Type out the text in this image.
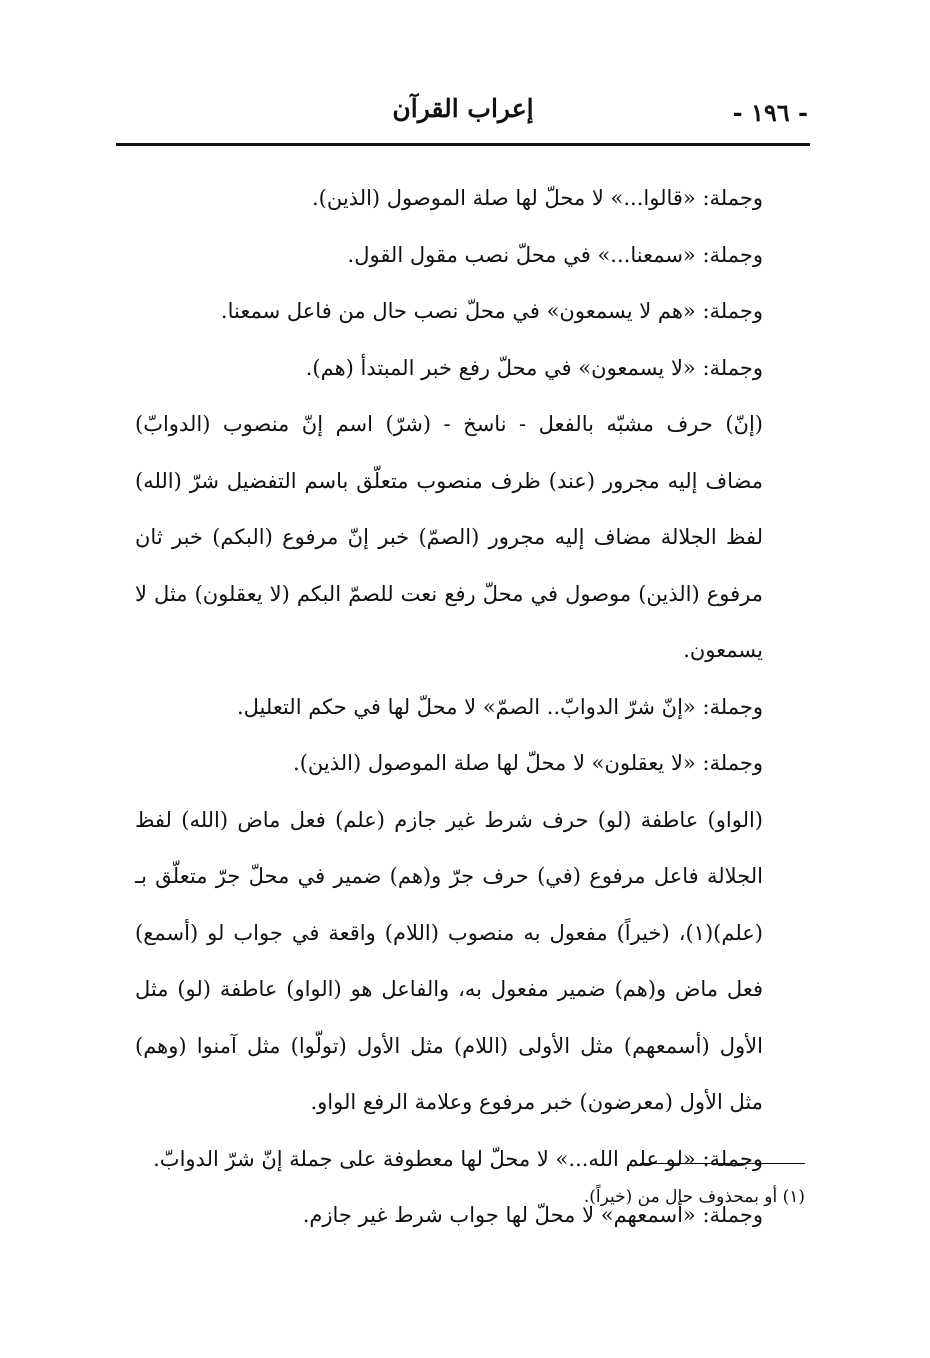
- ١٩٦ -
إعراب القرآن

وجملة: «قالوا...» لا محلّ لها صلة الموصول (الذين).

وجملة: «سمعنا...» في محلّ نصب مقول القول.

وجملة: «هم لا يسمعون» في محلّ نصب حال من فاعل سمعنا.

وجملة: «لا يسمعون» في محلّ رفع خبر المبتدأ (هم).

(إنّ) حرف مشبّه بالفعل - ناسخ - (شرّ) اسم إنّ منصوب (الدوابّ) مضاف إليه مجرور (عند) ظرف منصوب متعلّق باسم التفضيل شرّ (الله) لفظ الجلالة مضاف إليه مجرور (الصمّ) خبر إنّ مرفوع (البكم) خبر ثان مرفوع (الذين) موصول في محلّ رفع نعت للصمّ البكم (لا يعقلون) مثل لا يسمعون.

وجملة: «إنّ شرّ الدوابّ.. الصمّ» لا محلّ لها في حكم التعليل.

وجملة: «لا يعقلون» لا محلّ لها صلة الموصول (الذين).

(الواو) عاطفة (لو) حرف شرط غير جازم (علم) فعل ماض (الله) لفظ الجلالة فاعل مرفوع (في) حرف جرّ و(هم) ضمير في محلّ جرّ متعلّق بـ (علم)(١)، (خيراً) مفعول به منصوب (اللام) واقعة في جواب لو (أسمع) فعل ماض و(هم) ضمير مفعول به، والفاعل هو (الواو) عاطفة (لو) مثل الأول (أسمعهم) مثل الأولى (اللام) مثل الأول (تولّوا) مثل آمنوا (وهم) مثل الأول (معرضون) خبر مرفوع وعلامة الرفع الواو.

وجملة: «لو علم الله...» لا محلّ لها معطوفة على جملة إنّ شرّ الدوابّ.

وجملة: «أسمعهم» لا محلّ لها جواب شرط غير جازم.

(١) أو بمحذوف حال من (خيراً).
